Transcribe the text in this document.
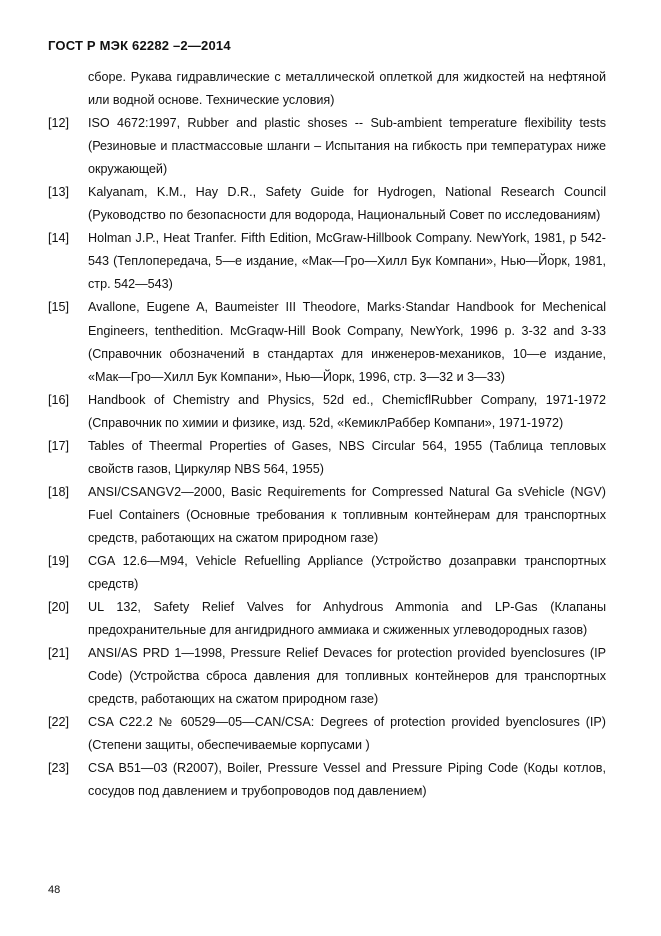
ГОСТ Р МЭК 62282 –2—2014
сборе. Рукава гидравлические с металлической оплеткой для жидкостей на нефтяной или водной основе. Технические условия)
[12]	ISO 4672:1997, Rubber and plastic shoses -- Sub-ambient temperature flexibility tests (Резиновые и пластмассовые шланги – Испытания на гибкость при температурах ниже окружающей)
[13]	Kalyanam, K.M., Hay D.R., Safety Guide for Hydrogen, National Research Council (Руководство по безопасности для водорода, Национальный Совет по исследованиям)
[14]	Holman J.P., Heat Tranfer. Fifth Edition, McGraw-Hillbook Company. NewYork, 1981, p 542-543 (Теплопередача, 5—е издание, «Мак—Гро—Хилл Бук Компани», Нью—Йорк, 1981, стр. 542—543)
[15]	Avallone, Eugene A, Baumeister III Theodore, Marks·Standar Handbook for Mechenical Engineers, tenthedition. McGraqw-Hill Book Company, NewYork, 1996 p. 3-32 and 3-33 (Справочник обозначений в стандартах для инженеров-механиков, 10—е издание, «Мак—Гро—Хилл Бук Компани», Нью—Йорк, 1996, стр. 3—32 и 3—33)
[16]	Handbook of Chemistry and Physics, 52d ed., ChemicflRubber Company, 1971-1972 (Справочник по химии и физике, изд. 52d, «КемиклРаббер Компани», 1971-1972)
[17]	Tables of Theermal Properties of Gases, NBS Circular 564, 1955 (Таблица тепловых свойств газов, Циркуляр NBS 564, 1955)
[18]	ANSI/CSANGV2—2000, Basic Requirements for Compressed Natural Ga sVehicle (NGV) Fuel Containers (Основные требования к топливным контейнерам для транспортных средств, работающих на сжатом природном газе)
[19]	CGA 12.6—M94, Vehicle Refuelling Appliance (Устройство дозаправки транспортных средств)
[20]	UL 132, Safety Relief Valves for Anhydrous Ammonia and LP-Gas (Клапаны предохранительные для ангидридного аммиака и сжиженных углеводородных газов)
[21]	ANSI/AS PRD 1—1998, Pressure Relief Devaces for protection provided byenclosures (IP Code) (Устройства сброса давления для топливных контейнеров для транспортных средств, работающих на сжатом природном газе)
[22]	CSA C22.2 № 60529—05—CAN/CSA: Degrees of protection provided byenclosures (IP) (Степени защиты, обеспечиваемые корпусами )
[23]	CSA B51—03 (R2007), Boiler, Pressure Vessel and Pressure Piping Code (Коды котлов, сосудов под давлением и трубопроводов под давлением)
48
